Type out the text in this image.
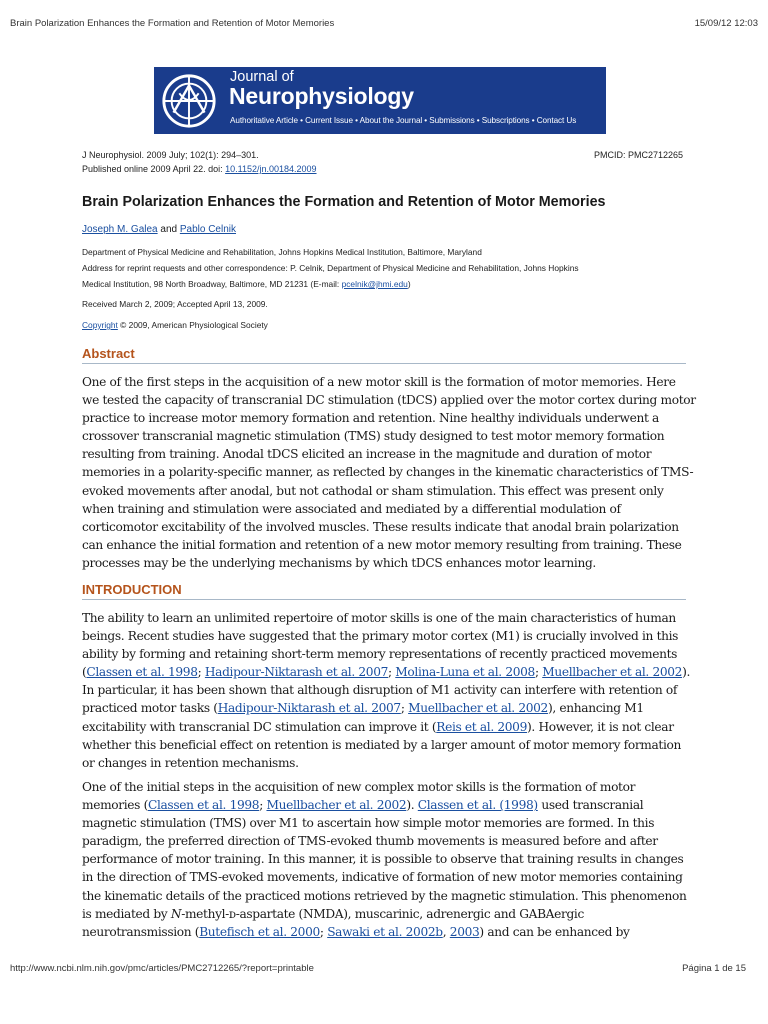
Brain Polarization Enhances the Formation and Retention of Motor Memories	15/09/12 12:03
Journal of
Neurophysiology
Authoritative Article • Current Issue • About the Journal • Submissions • Subscriptions • Contact Us
J Neurophysiol. 2009 July; 102(1): 294–301.	PMCID: PMC2712265
Published online 2009 April 22. doi: 10.1152/jn.00184.2009
Brain Polarization Enhances the Formation and Retention of Motor Memories
Joseph M. Galea and Pablo Celnik
Department of Physical Medicine and Rehabilitation, Johns Hopkins Medical Institution, Baltimore, Maryland
Address for reprint requests and other correspondence: P. Celnik, Department of Physical Medicine and Rehabilitation, Johns Hopkins
Medical Institution, 98 North Broadway, Baltimore, MD 21231 (E-mail: pcelnik@jhmi.edu)
Received March 2, 2009; Accepted April 13, 2009.
Copyright © 2009, American Physiological Society
Abstract
One of the first steps in the acquisition of a new motor skill is the formation of motor memories. Here
we tested the capacity of transcranial DC stimulation (tDCS) applied over the motor cortex during motor
practice to increase motor memory formation and retention. Nine healthy individuals underwent a
crossover transcranial magnetic stimulation (TMS) study designed to test motor memory formation
resulting from training. Anodal tDCS elicited an increase in the magnitude and duration of motor
memories in a polarity-specific manner, as reflected by changes in the kinematic characteristics of TMS-
evoked movements after anodal, but not cathodal or sham stimulation. This effect was present only
when training and stimulation were associated and mediated by a differential modulation of
corticomotor excitability of the involved muscles. These results indicate that anodal brain polarization
can enhance the initial formation and retention of a new motor memory resulting from training. These
processes may be the underlying mechanisms by which tDCS enhances motor learning.
INTRODUCTION
The ability to learn an unlimited repertoire of motor skills is one of the main characteristics of human
beings. Recent studies have suggested that the primary motor cortex (M1) is crucially involved in this
ability by forming and retaining short-term memory representations of recently practiced movements
(Classen et al. 1998; Hadipour-Niktarash et al. 2007; Molina-Luna et al. 2008; Muellbacher et al. 2002).
In particular, it has been shown that although disruption of M1 activity can interfere with retention of
practiced motor tasks (Hadipour-Niktarash et al. 2007; Muellbacher et al. 2002), enhancing M1
excitability with transcranial DC stimulation can improve it (Reis et al. 2009). However, it is not clear
whether this beneficial effect on retention is mediated by a larger amount of motor memory formation
or changes in retention mechanisms.
One of the initial steps in the acquisition of new complex motor skills is the formation of motor
memories (Classen et al. 1998; Muellbacher et al. 2002). Classen et al. (1998) used transcranial
magnetic stimulation (TMS) over M1 to ascertain how simple motor memories are formed. In this
paradigm, the preferred direction of TMS-evoked thumb movements is measured before and after
performance of motor training. In this manner, it is possible to observe that training results in changes
in the direction of TMS-evoked movements, indicative of formation of new motor memories containing
the kinematic details of the practiced motions retrieved by the magnetic stimulation. This phenomenon
is mediated by N-methyl-ᴅ-aspartate (NMDA), muscarinic, adrenergic and GABAergic
neurotransmission (Butefisch et al. 2000; Sawaki et al. 2002b, 2003) and can be enhanced by
http://www.ncbi.nlm.nih.gov/pmc/articles/PMC2712265/?report=printable	Página 1 de 15
